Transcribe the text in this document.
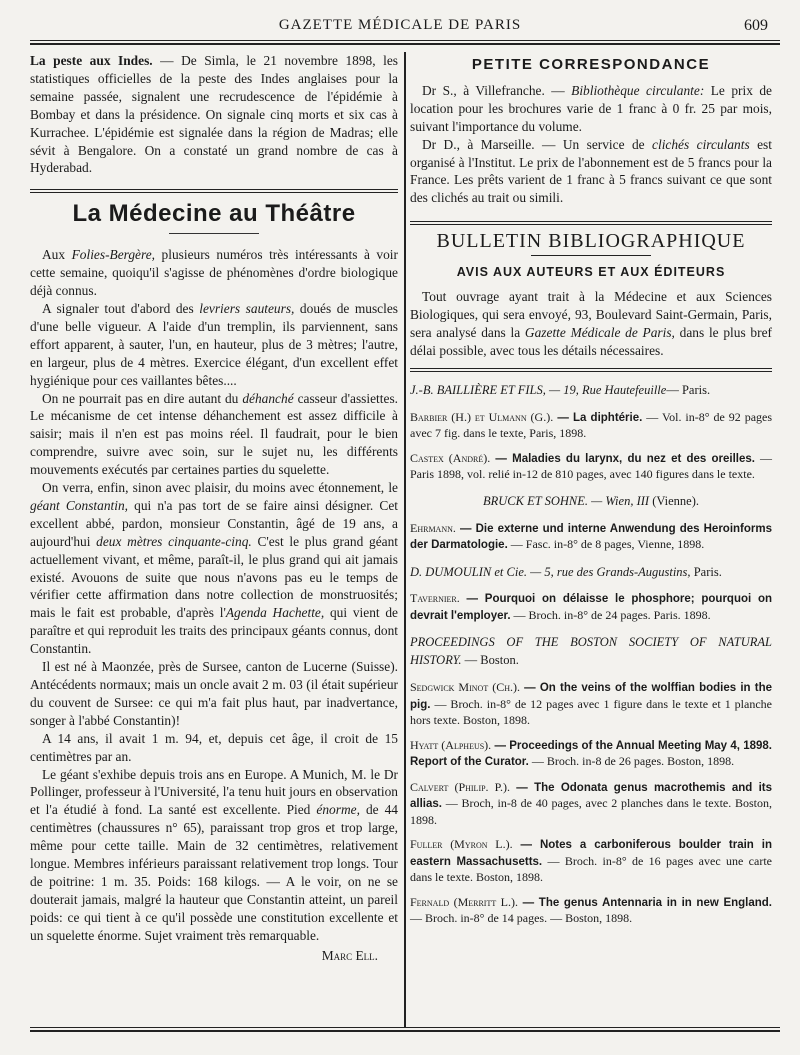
GAZETTE MÉDICALE DE PARIS	609

La peste aux Indes. — De Simla, le 21 novembre 1898, les statistiques officielles de la peste des Indes anglaises pour la semaine passée, signalent une recrudescence de l'épidémie à Bombay et dans la présidence. On signale cinq morts et six cas à Kurrachee. L'épidémie est signalée dans la région de Madras; elle sévit à Bengalore. On a constaté un grand nombre de cas à Hyderabad.

La Médecine au Théâtre

Aux Folies-Bergère, plusieurs numéros très intéressants à voir cette semaine, quoiqu'il s'agisse de phénomènes d'ordre biologique déjà connus.

A signaler tout d'abord des levriers sauteurs, doués de muscles d'une belle vigueur. A l'aide d'un tremplin, ils parviennent, sans effort apparent, à sauter, l'un, en hauteur, plus de 3 mètres; l'autre, en largeur, plus de 4 mètres. Exercice élégant, d'un excellent effet hygiénique pour ces vaillantes bêtes....

On ne pourrait pas en dire autant du déhanché casseur d'assiettes. Le mécanisme de cet intense déhanchement est assez difficile à saisir; mais il n'en est pas moins réel. Il faudrait, pour le bien comprendre, suivre avec soin, sur le sujet nu, les différents mouvements exécutés par certaines parties du squelette.

On verra, enfin, sinon avec plaisir, du moins avec étonnement, le géant Constantin, qui n'a pas tort de se faire ainsi désigner. Cet excellent abbé, pardon, monsieur Constantin, âgé de 19 ans, a aujourd'hui deux mètres cinquante-cinq. C'est le plus grand géant actuellement vivant, et même, paraît-il, le plus grand qui ait jamais existé. Avouons de suite que nous n'avons pas eu le temps de vérifier cette affirmation dans notre collection de monstruosités; mais le fait est probable, d'après l'Agenda Hachette, qui vient de paraître et qui reproduit les traits des principaux géants connus, dont Constantin.

Il est né à Maonzée, près de Sursee, canton de Lucerne (Suisse). Antécédents normaux; mais un oncle avait 2 m. 03 (il était supérieur du couvent de Sursee: ce qui m'a fait plus haut, par inadvertance, songer à l'abbé Constantin)!

A 14 ans, il avait 1 m. 94, et, depuis cet âge, il croit de 15 centimètres par an.

Le géant s'exhibe depuis trois ans en Europe. A Munich, M. le Dr Pollinger, professeur à l'Université, l'a tenu huit jours en observation et l'a étudié à fond. La santé est excellente. Pied énorme, de 44 centimètres (chaussures n° 65), paraissant trop gros et trop large, même pour cette taille. Main de 32 centimètres, relativement longue. Membres inférieurs paraissant relativement trop longs. Tour de poitrine: 1 m. 35. Poids: 168 kilogs. — A le voir, on ne se douterait jamais, malgré la hauteur que Constantin atteint, un pareil poids: ce qui tient à ce qu'il possède une constitution excellente et un squelette énorme. Sujet vraiment très remarquable.

Marc Ell.
PETITE CORRESPONDANCE

Dr S., à Villefranche. — Bibliothèque circulante: Le prix de location pour les brochures varie de 1 franc à 0 fr. 25 par mois, suivant l'importance du volume.

Dr D., à Marseille. — Un service de clichés circulants est organisé à l'Institut. Le prix de l'abonnement est de 5 francs pour la France. Les prêts varient de 1 franc à 5 francs suivant ce que sont des clichés au trait ou simili.

BULLETIN BIBLIOGRAPHIQUE
AVIS AUX AUTEURS ET AUX ÉDITEURS

Tout ouvrage ayant trait à la Médecine et aux Sciences Biologiques, qui sera envoyé, 93, Boulevard Saint-Germain, Paris, sera analysé dans la Gazette Médicale de Paris, dans le plus bref délai possible, avec tous les détails nécessaires.

J.-B. BAILLIÈRE ET FILS, — 19, Rue Hautefeuille— Paris.
Barbier (H.) et Ulmann (G.). — La diphtérie. — Vol. in-8° de 92 pages avec 7 fig. dans le texte, Paris, 1898.
Castex (André). — Maladies du larynx, du nez et des oreilles. — Paris 1898, vol. relié in-12 de 810 pages, avec 140 figures dans le texte.
BRUCK ET SOHNE. — Wien, III (Vienne).
Ehrmann. — Die externe und interne Anwendung des Heroinforms der Darmatologie. — Fasc. in-8° de 8 pages, Vienne, 1898.
D. DUMOULIN et Cie. — 5, rue des Grands-Augustins, Paris.
Tavernier. — Pourquoi on délaisse le phosphore; pourquoi on devrait l'employer. — Broch. in-8° de 24 pages. Paris. 1898.
PROCEEDINGS OF THE BOSTON SOCIETY OF NATURAL HISTORY. — Boston.
Sedgwick Minot (Ch.). — On the veins of the wolffian bodies in the pig. — Broch. in-8° de 12 pages avec 1 figure dans le texte et 1 planche hors texte. Boston, 1898.
Hyatt (Alpheus). — Proceedings of the Annual Meeting May 4, 1898. Report of the Curator. — Broch. in-8 de 26 pages. Boston, 1898.
Calvert (Philip. P.). — The Odonata genus macrothemis and its allias. — Broch, in-8 de 40 pages, avec 2 planches dans le texte. Boston, 1898.
Fuller (Myron L.). — Notes a carboniferous boulder train in eastern Massachusetts. — Broch. in-8° de 16 pages avec une carte dans le texte. Boston, 1898.
Fernald (Merritt L.). — The genus Antennaria in in new England. — Broch. in-8° de 14 pages. — Boston, 1898.
